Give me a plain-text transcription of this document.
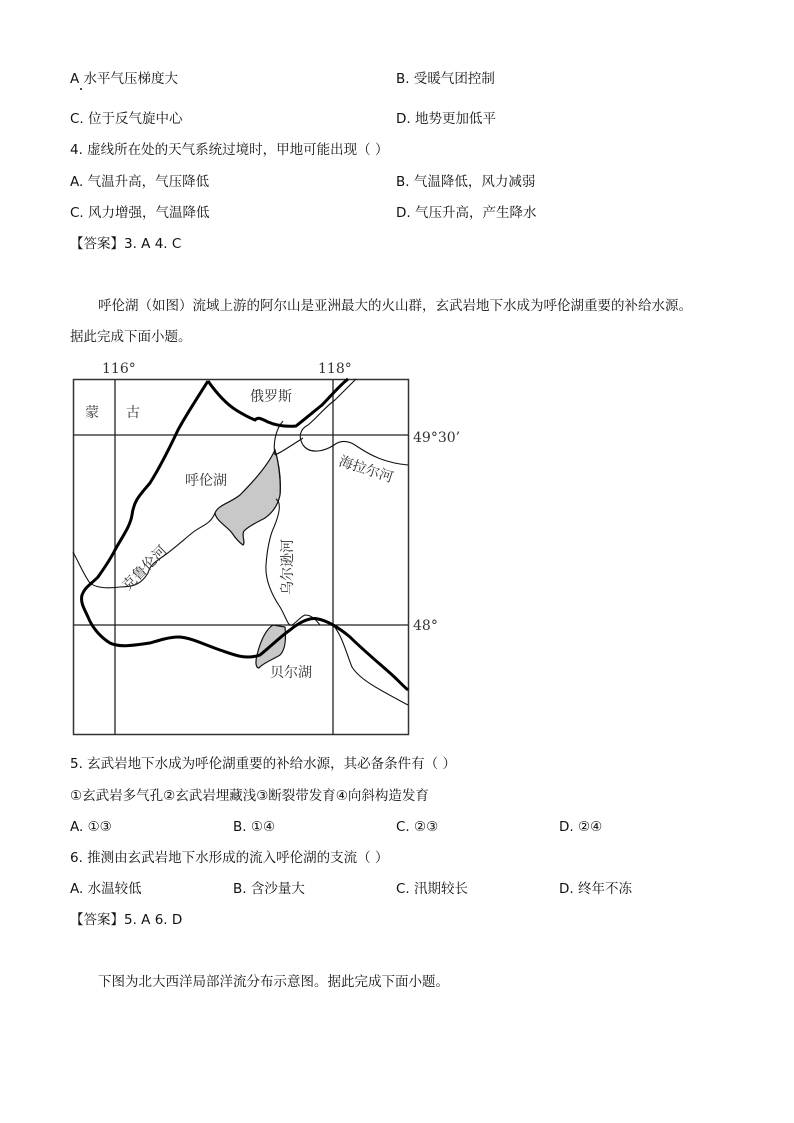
A 水平气压梯度大	B. 受暖气团控制
C. 位于反气旋中心	D. 地势更加低平
4. 虚线所在处的天气系统过境时，甲地可能出现（ ）
A. 气温升高，气压降低	B. 气温降低，风力减弱
C. 风力增强，气温降低	D. 气压升高，产生降水
【答案】3. A 4. C
呼伦湖（如图）流域上游的阿尔山是亚洲最大的火山群，玄武岩地下水成为呼伦湖重要的补给水源。
据此完成下面小题。
116°	118°
49°30’
48°
蒙 古
俄罗斯
呼伦湖
贝尔湖
海拉尔河
克鲁伦河	乌尔逊河
5. 玄武岩地下水成为呼伦湖重要的补给水源，其必备条件有（ ）
①玄武岩多气孔②玄武岩埋藏浅③断裂带发育④向斜构造发育
A. ①③	B. ①④	C. ②③	D. ②④
6. 推测由玄武岩地下水形成的流入呼伦湖的支流（ ）
A. 水温较低	B. 含沙量大	C. 汛期较长	D. 终年不冻
【答案】5. A 6. D
下图为北大西洋局部洋流分布示意图。据此完成下面小题。
